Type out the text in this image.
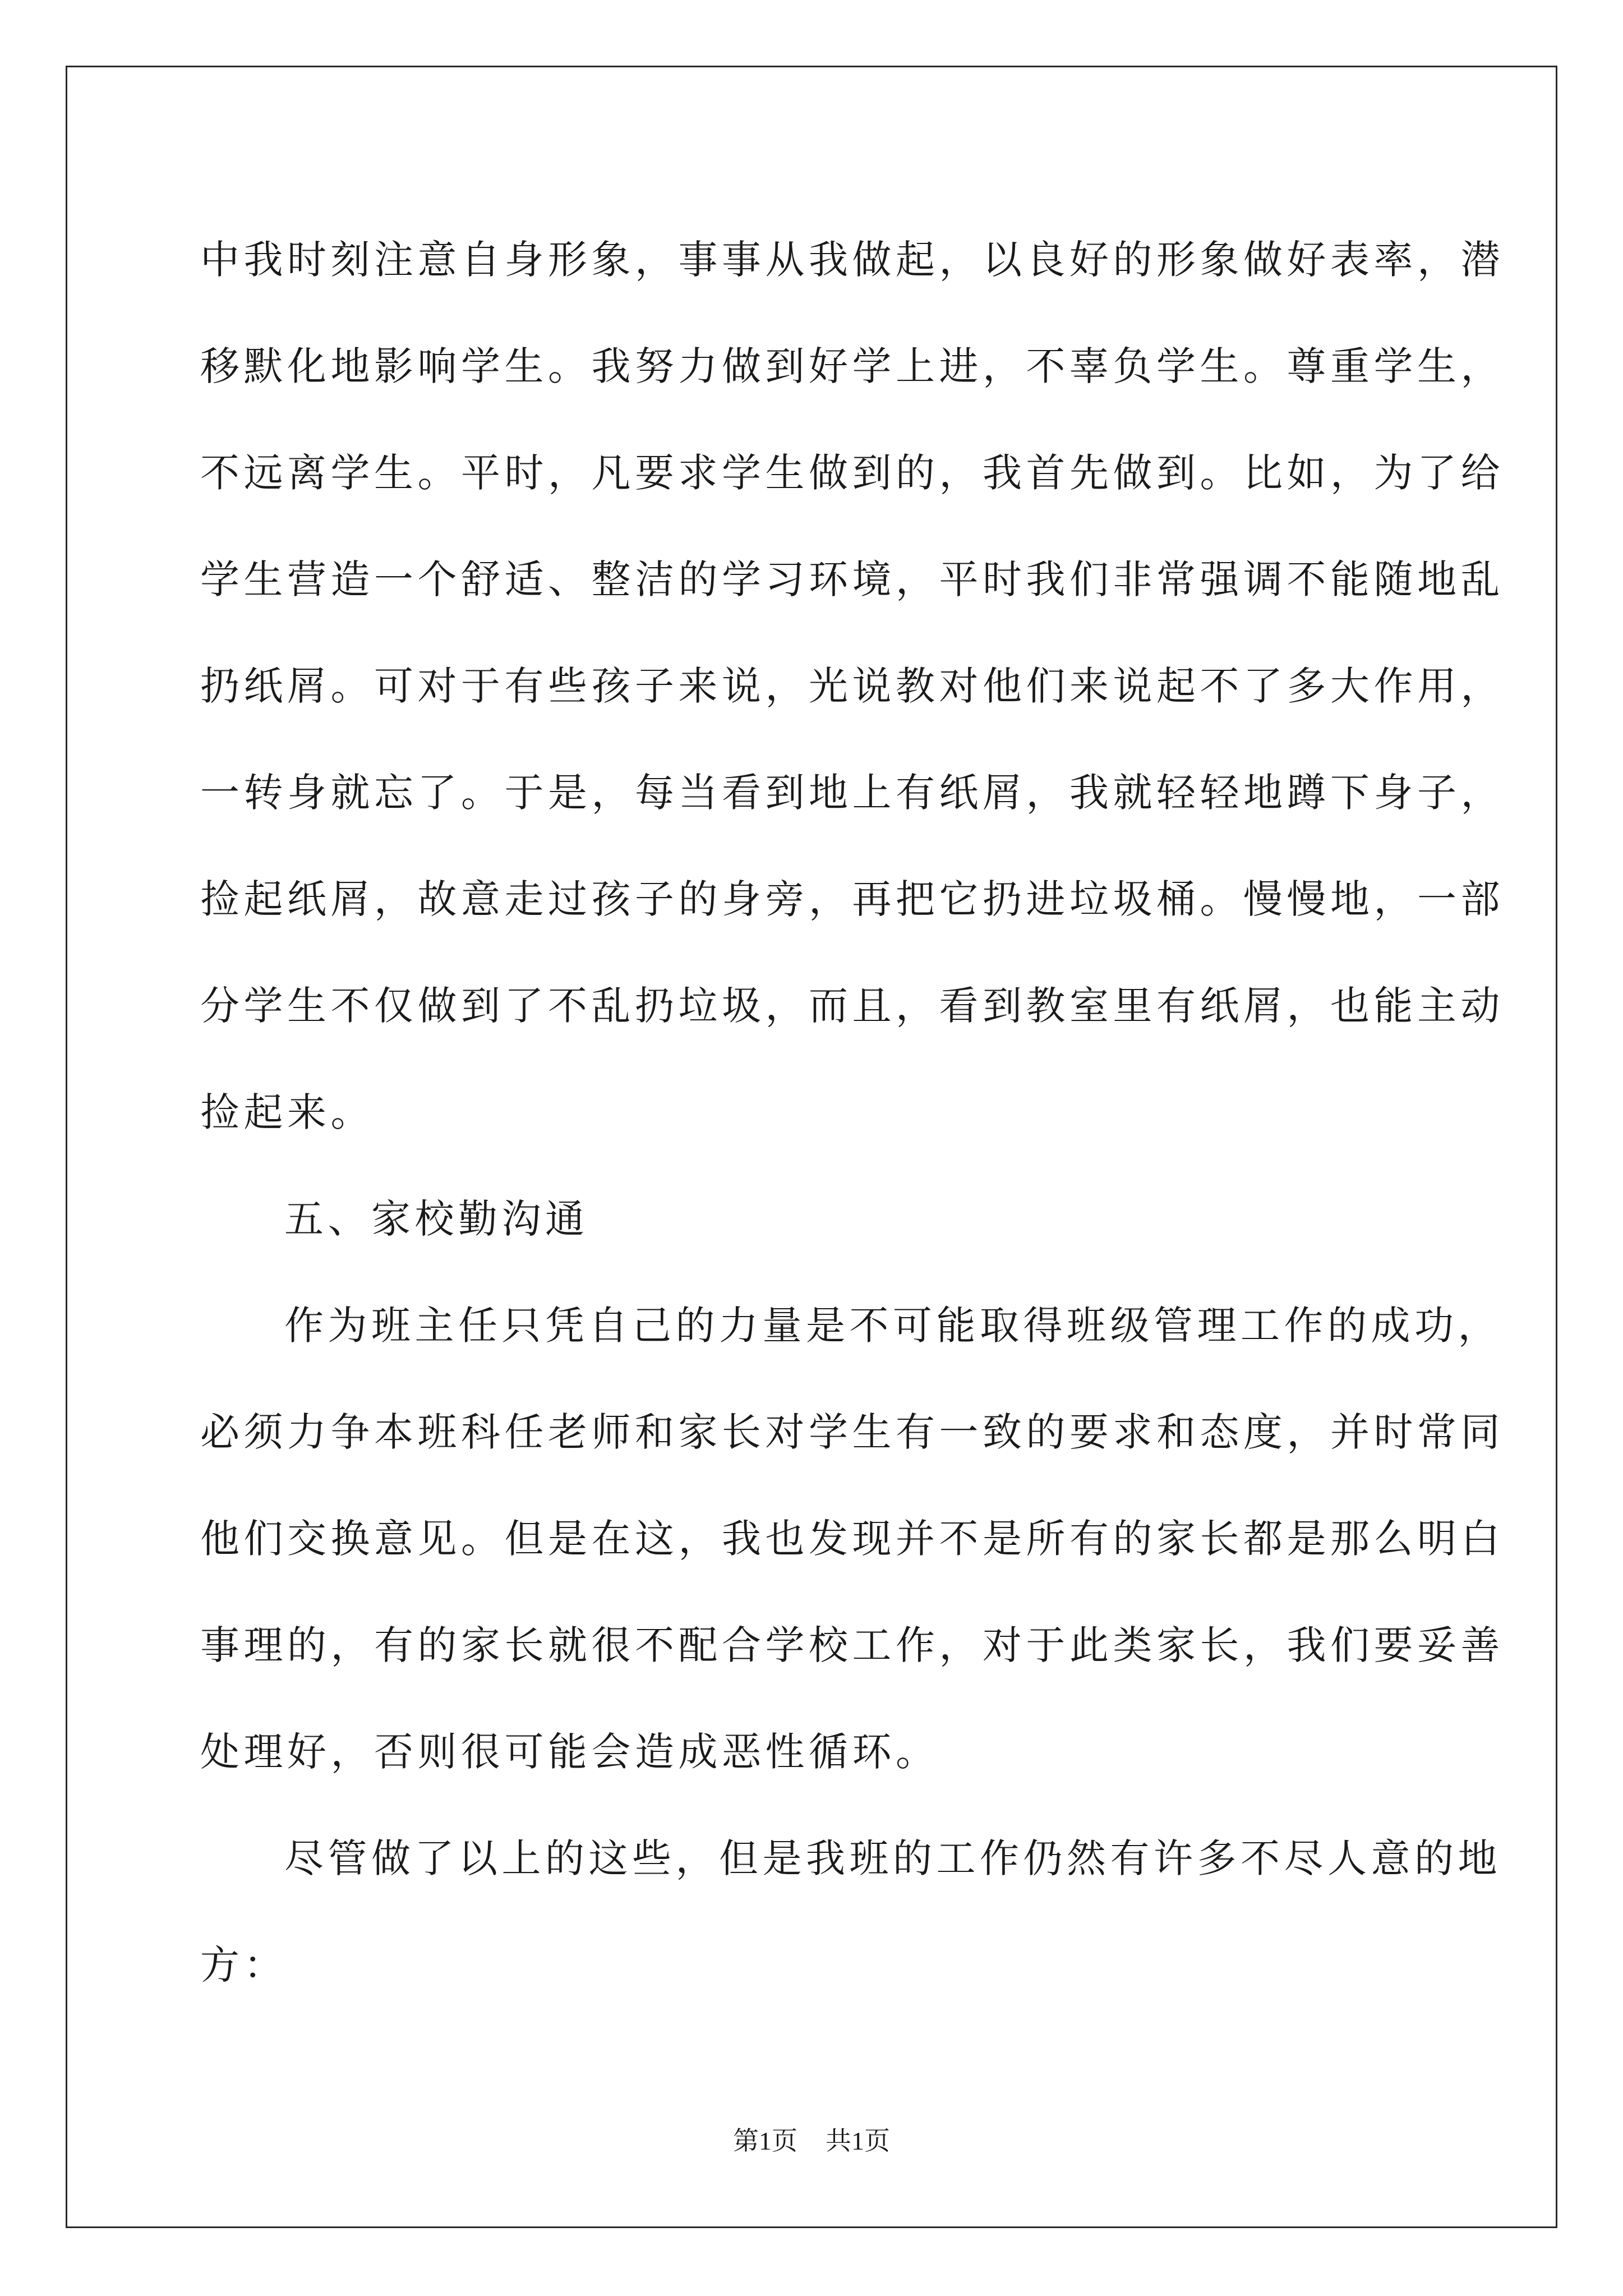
中我时刻注意自身形象，事事从我做起，以良好的形象做好表率，潜
移默化地影响学生。我努力做到好学上进，不辜负学生。尊重学生，
不远离学生。平时，凡要求学生做到的，我首先做到。比如，为了给
学生营造一个舒适、整洁的学习环境，平时我们非常强调不能随地乱
扔纸屑。可对于有些孩子来说，光说教对他们来说起不了多大作用，
一转身就忘了。于是，每当看到地上有纸屑，我就轻轻地蹲下身子，
捡起纸屑，故意走过孩子的身旁，再把它扔进垃圾桶。慢慢地，一部
分学生不仅做到了不乱扔垃圾，而且，看到教室里有纸屑，也能主动
捡起来。
五、家校勤沟通
作为班主任只凭自己的力量是不可能取得班级管理工作的成功，
必须力争本班科任老师和家长对学生有一致的要求和态度，并时常同
他们交换意见。但是在这，我也发现并不是所有的家长都是那么明白
事理的，有的家长就很不配合学校工作，对于此类家长，我们要妥善
处理好，否则很可能会造成恶性循环。
尽管做了以上的这些，但是我班的工作仍然有许多不尽人意的地
方：
第1页 共1页
